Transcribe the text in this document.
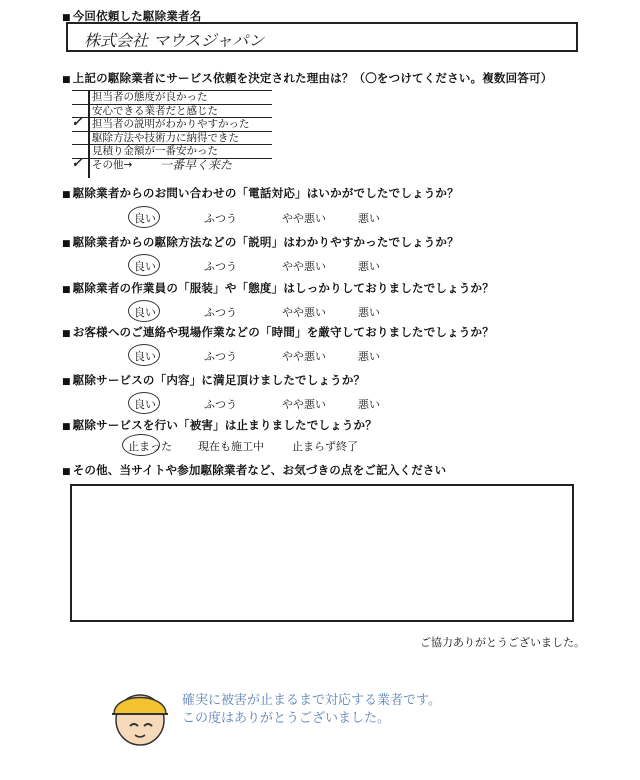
■ 今回依頼した駆除業者名
株式会社 マウスジャパン
■ 上記の駆除業者にサービス依頼を決定された理由は？（〇をつけてください。複数回答可）
担当者の態度が良かった
安心できる業者だと感じた
✓ 担当者の説明がわかりやすかった
駆除方法や技術力に納得できた
見積り金額が一番安かった
✓ その他→ 一番早く来た
■ 駆除業者からのお問い合わせの「電話対応」はいかがでしたでしょうか？
良い	ふつう	やや悪い	悪い
■ 駆除業者からの駆除方法などの「説明」はわかりやすかったでしょうか？
良い	ふつう	やや悪い	悪い
■ 駆除業者の作業員の「服装」や「態度」はしっかりしておりましたでしょうか？
良い	ふつう	やや悪い	悪い
■ お客様へのご連絡や現場作業などの「時間」を厳守しておりましたでしょうか？
良い	ふつう	やや悪い	悪い
■ 駆除サービスの「内容」に満足頂けましたでしょうか？
良い	ふつう	やや悪い	悪い
■ 駆除サービスを行い「被害」は止まりましたでしょうか？
止まった 現在も施工中	止まらず終了
■ その他、当サイトや参加駆除業者など、お気づきの点をご記入ください
ご協力ありがとうございました。
確実に被害が止まるまで対応する業者です。
この度はありがとうございました。
